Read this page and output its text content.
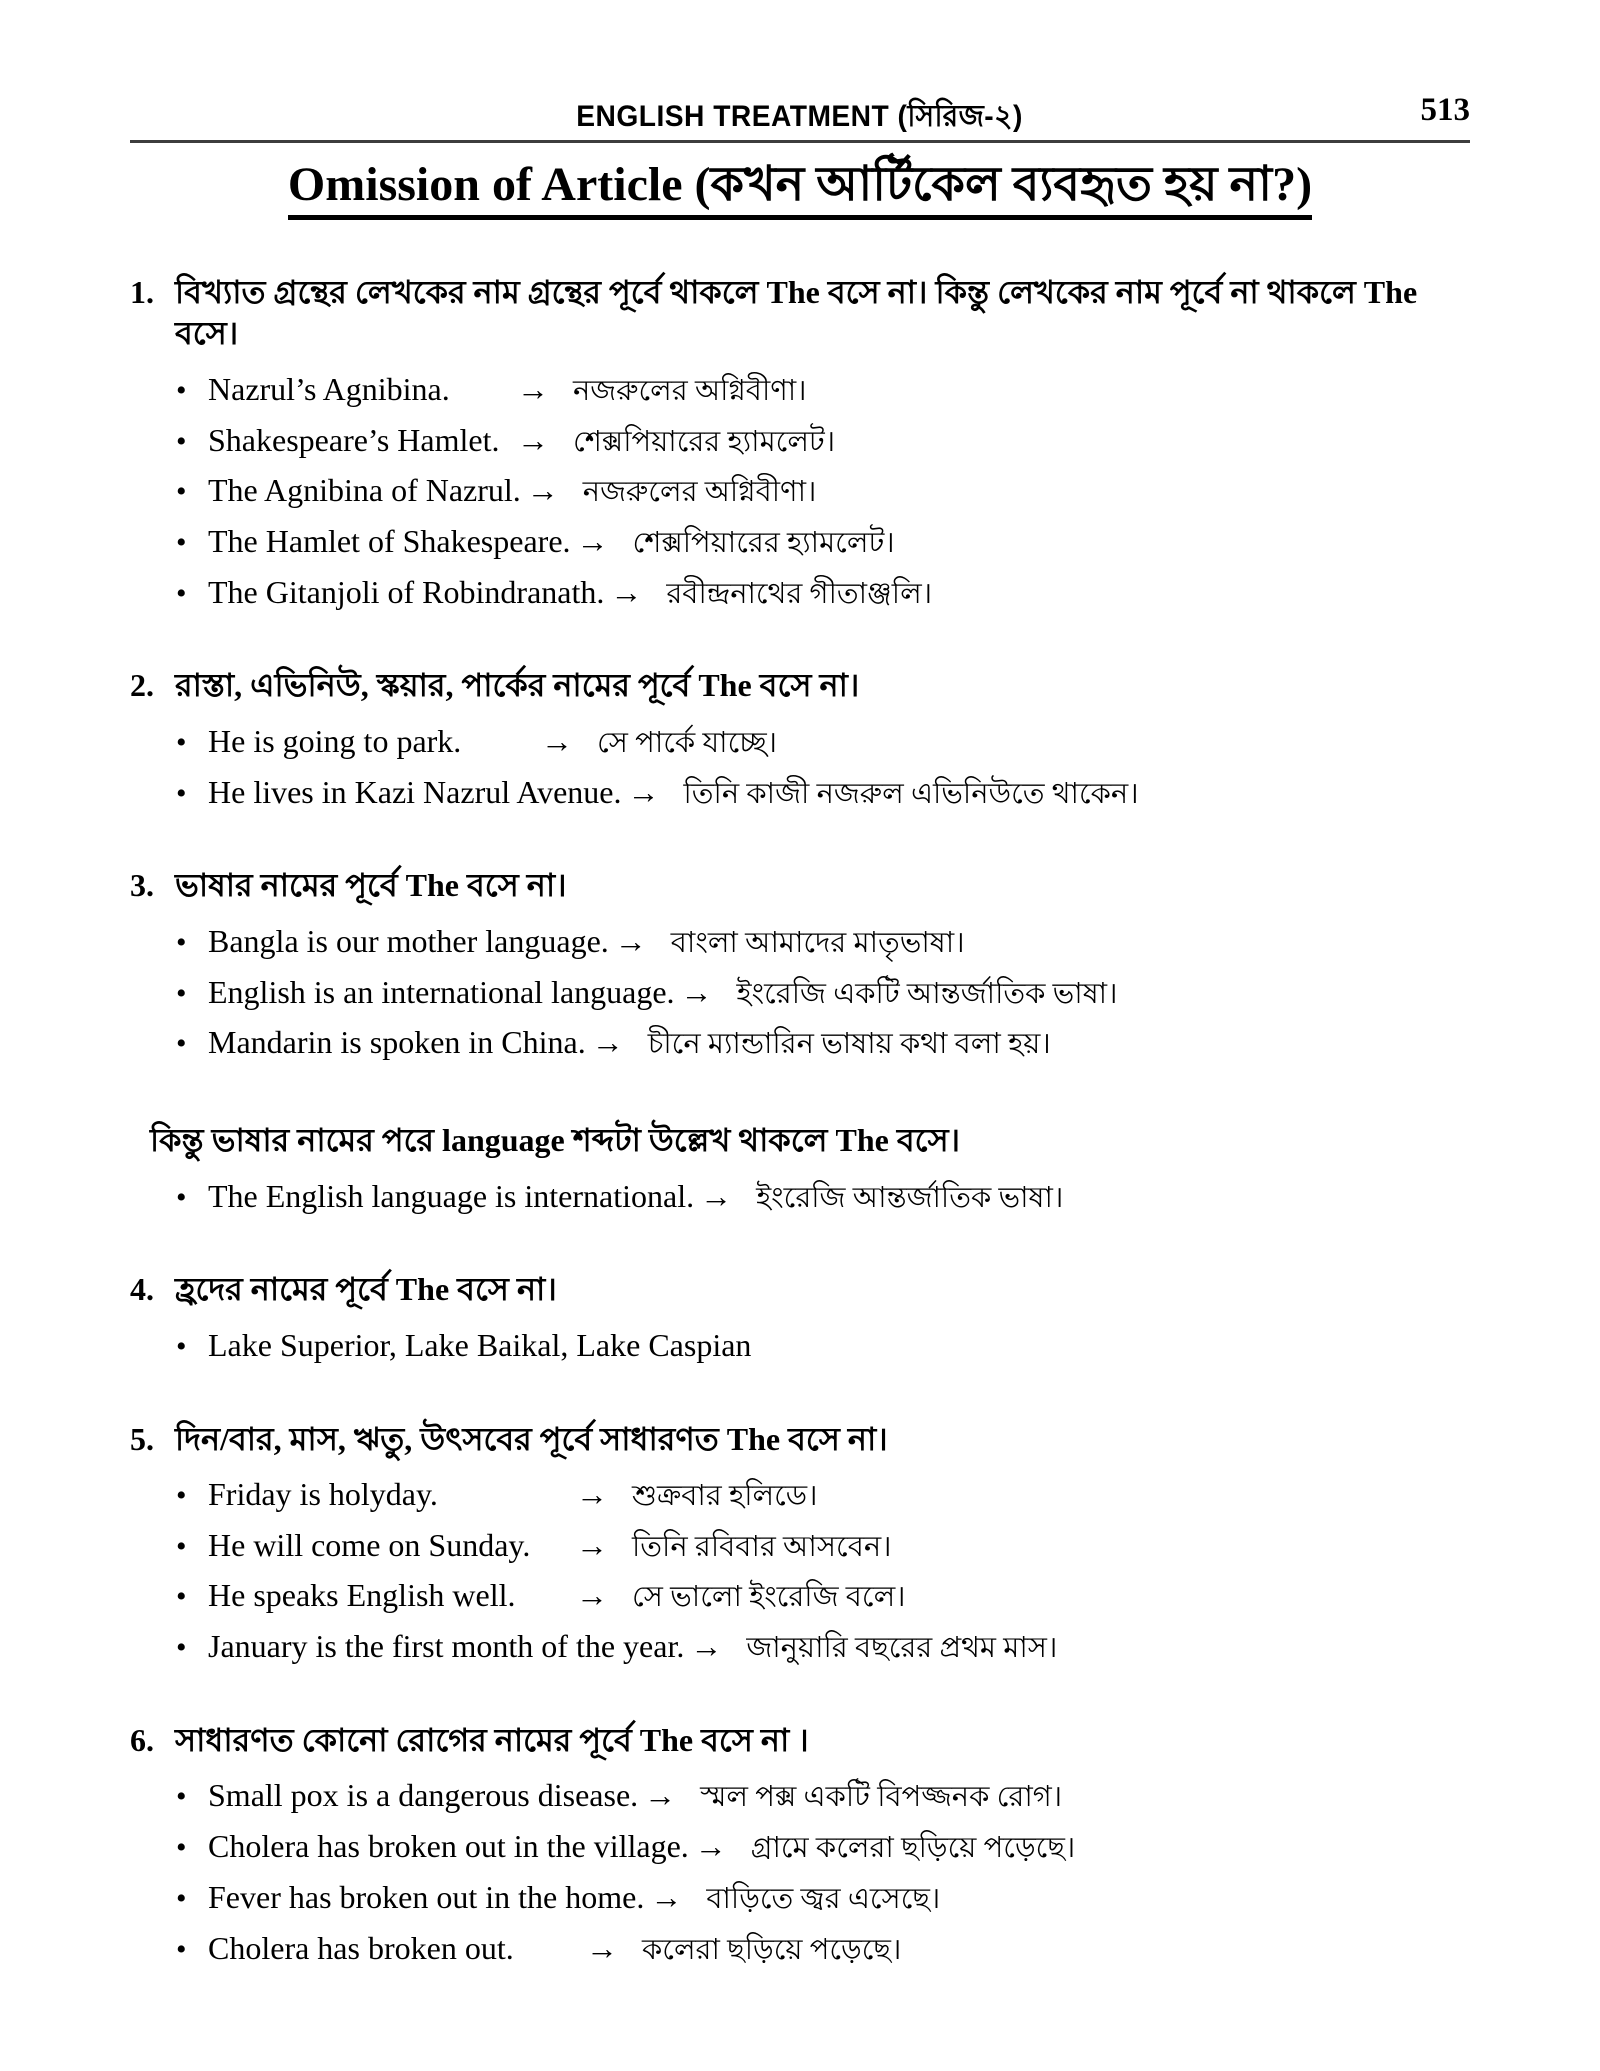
ENGLISH TREATMENT (সিরিজ-২)	513
Omission of Article (কখন আর্টিকেল ব্যবহৃত হয় না?)
1. বিখ্যাত গ্রন্থের লেখকের নাম গ্রন্থের পূর্বে থাকলে The বসে না। কিন্তু লেখকের নাম পূর্বে না থাকলে The বসে।
• Nazrul’s Agnibina.	→ নজরুলের অগ্নিবীণা।
• Shakespeare’s Hamlet. → শেক্সপিয়ারের হ্যামলেট।
• The Agnibina of Nazrul. → নজরুলের অগ্নিবীণা।
• The Hamlet of Shakespeare. → শেক্সপিয়ারের হ্যামলেট।
• The Gitanjoli of Robindranath. → রবীন্দ্রনাথের গীতাঞ্জলি।
2. রাস্তা, এভিনিউ, স্কয়ার, পার্কের নামের পূর্বে The বসে না।
• He is going to park.	→ সে পার্কে যাচ্ছে।
• He lives in Kazi Nazrul Avenue. → তিনি কাজী নজরুল এভিনিউতে থাকেন।
3. ভাষার নামের পূর্বে The বসে না।
• Bangla is our mother language. → বাংলা আমাদের মাতৃভাষা।
• English is an international language. → ইংরেজি একটি আন্তর্জাতিক ভাষা।
• Mandarin is spoken in China. → চীনে ম্যান্ডারিন ভাষায় কথা বলা হয়।
কিন্তু ভাষার নামের পরে language শব্দটা উল্লেখ থাকলে The বসে।
• The English language is international. → ইংরেজি আন্তর্জাতিক ভাষা।
4. হ্রদের নামের পূর্বে The বসে না।
• Lake Superior, Lake Baikal, Lake Caspian
5. দিন/বার, মাস, ঋতু, উৎসবের পূর্বে সাধারণত The বসে না।
• Friday is holyday.	→ শুক্রবার হলিডে।
• He will come on Sunday.	→ তিনি রবিবার আসবেন।
• He speaks English well.	→ সে ভালো ইংরেজি বলে।
• January is the first month of the year. → জানুয়ারি বছরের প্রথম মাস।
6. সাধারণত কোনো রোগের নামের পূর্বে The বসে না ।
• Small pox is a dangerous disease. → স্মল পক্স একটি বিপজ্জনক রোগ।
• Cholera has broken out in the village. → গ্রামে কলেরা ছড়িয়ে পড়েছে।
• Fever has broken out in the home. → বাড়িতে জ্বর এসেছে।
• Cholera has broken out.	→ কলেরা ছড়িয়ে পড়েছে।
